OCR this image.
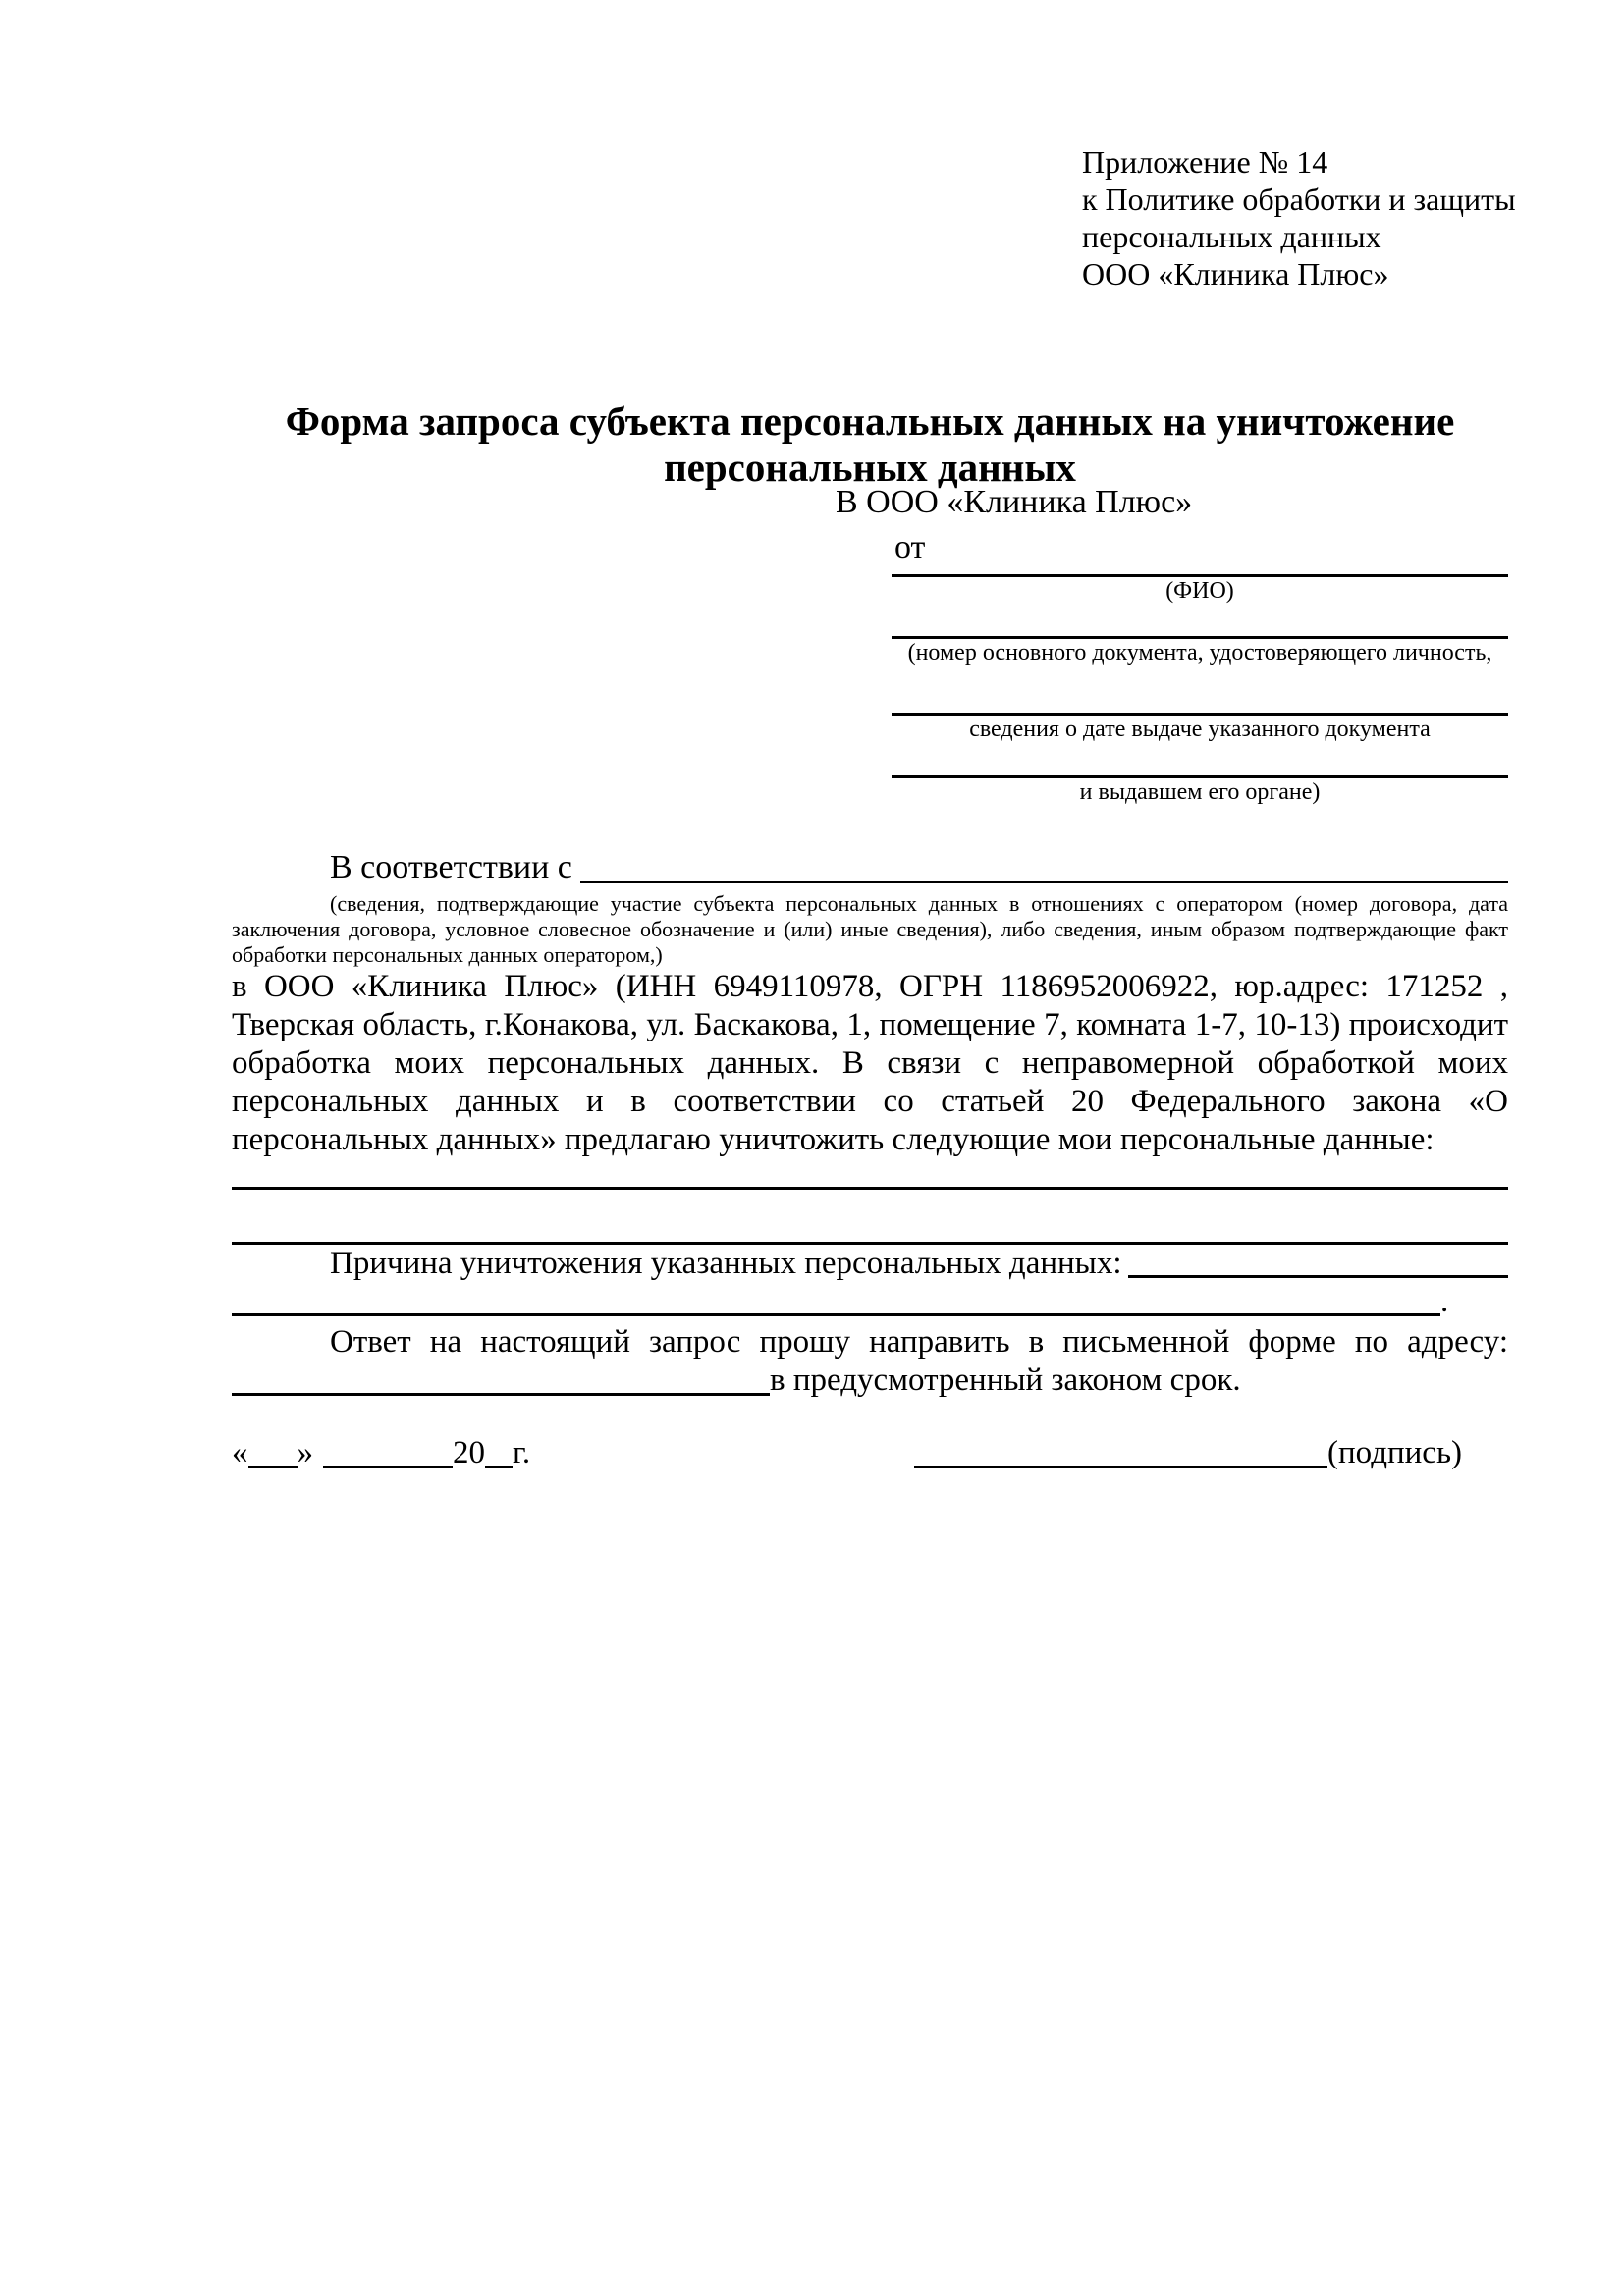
Приложение № 14
к Политике обработки и защиты
персональных данных
ООО «Клиника Плюс»
Форма запроса субъекта персональных данных на уничтожение персональных данных
В ООО «Клиника Плюс»
от
(ФИО)
(номер основного документа, удостоверяющего личность,
сведения о дате выдаче указанного документа
и выдавшем его органе)
В соответствии с
(сведения, подтверждающие участие субъекта персональных данных в отношениях с оператором (номер договора, дата заключения договора, условное словесное обозначение и (или) иные сведения), либо сведения, иным образом подтверждающие факт обработки персональных данных оператором,)
в ООО «Клиника Плюс» (ИНН 6949110978, ОГРН 1186952006922, юр.адрес: 171252 , Тверская область, г.Конакова, ул. Баскакова, 1, помещение 7, комната 1-7, 10-13) происходит обработка моих персональных данных. В связи с неправомерной обработкой моих персональных данных и в соответствии со статьей 20 Федерального закона «О персональных данных» предлагаю уничтожить следующие мои персональные данные:
Причина уничтожения указанных персональных данных:
.
Ответ на настоящий запрос прошу направить в письменной форме по адресу: в предусмотренный законом срок.
« »	20 г.	(подпись)
